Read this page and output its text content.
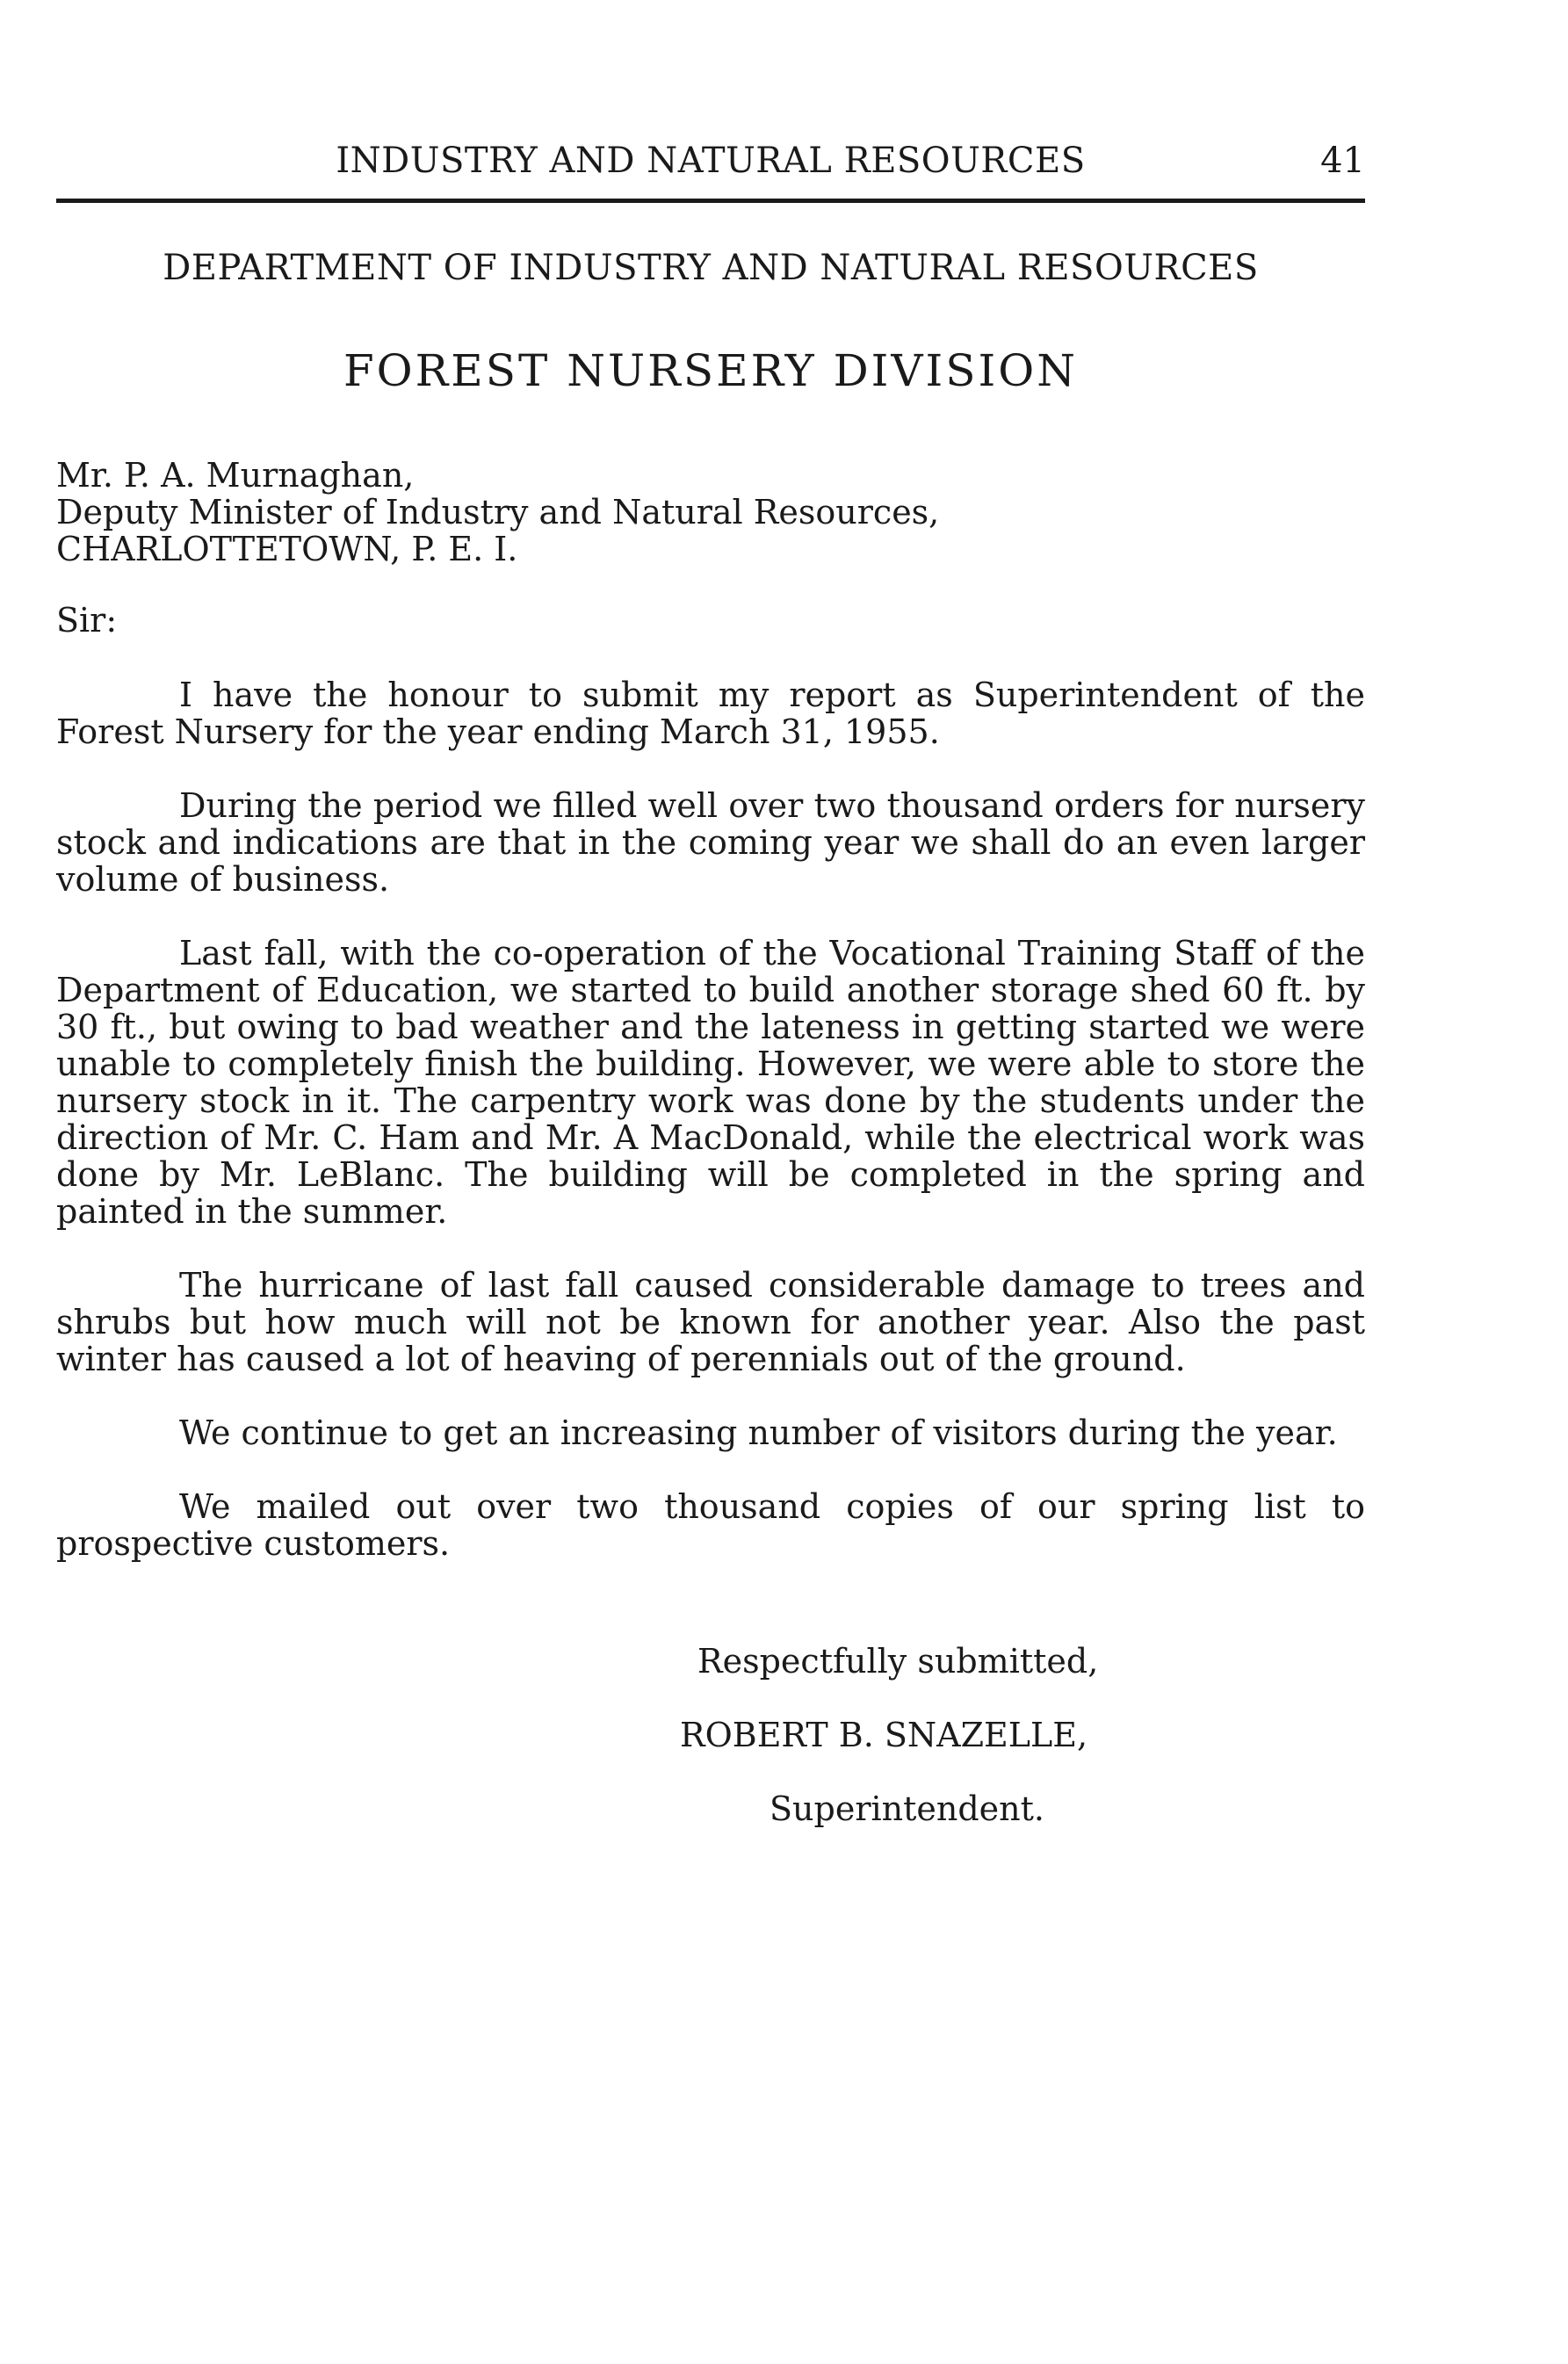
INDUSTRY AND NATURAL RESOURCES	41
DEPARTMENT OF INDUSTRY AND NATURAL RESOURCES
FOREST NURSERY DIVISION
Mr. P. A. Murnaghan,
Deputy Minister of Industry and Natural Resources,
CHARLOTTETOWN, P. E. I.
Sir:

I have the honour to submit my report as Superintendent of the Forest Nursery for the year ending March 31, 1955.

During the period we filled well over two thousand orders for nursery stock and indications are that in the coming year we shall do an even larger volume of business.

Last fall, with the co-operation of the Vocational Training Staff of the Department of Education, we started to build another storage shed 60 ft. by 30 ft., but owing to bad weather and the lateness in getting started we were unable to completely finish the building. However, we were able to store the nursery stock in it. The carpentry work was done by the students under the direction of Mr. C. Ham and Mr. A MacDonald, while the electrical work was done by Mr. LeBlanc. The building will be completed in the spring and painted in the summer.

The hurricane of last fall caused considerable damage to trees and shrubs but how much will not be known for another year. Also the past winter has caused a lot of heaving of perennials out of the ground.

We continue to get an increasing number of visitors during the year.

We mailed out over two thousand copies of our spring list to prospective customers.

Respectfully submitted,
ROBERT B. SNAZELLE,
Superintendent.
